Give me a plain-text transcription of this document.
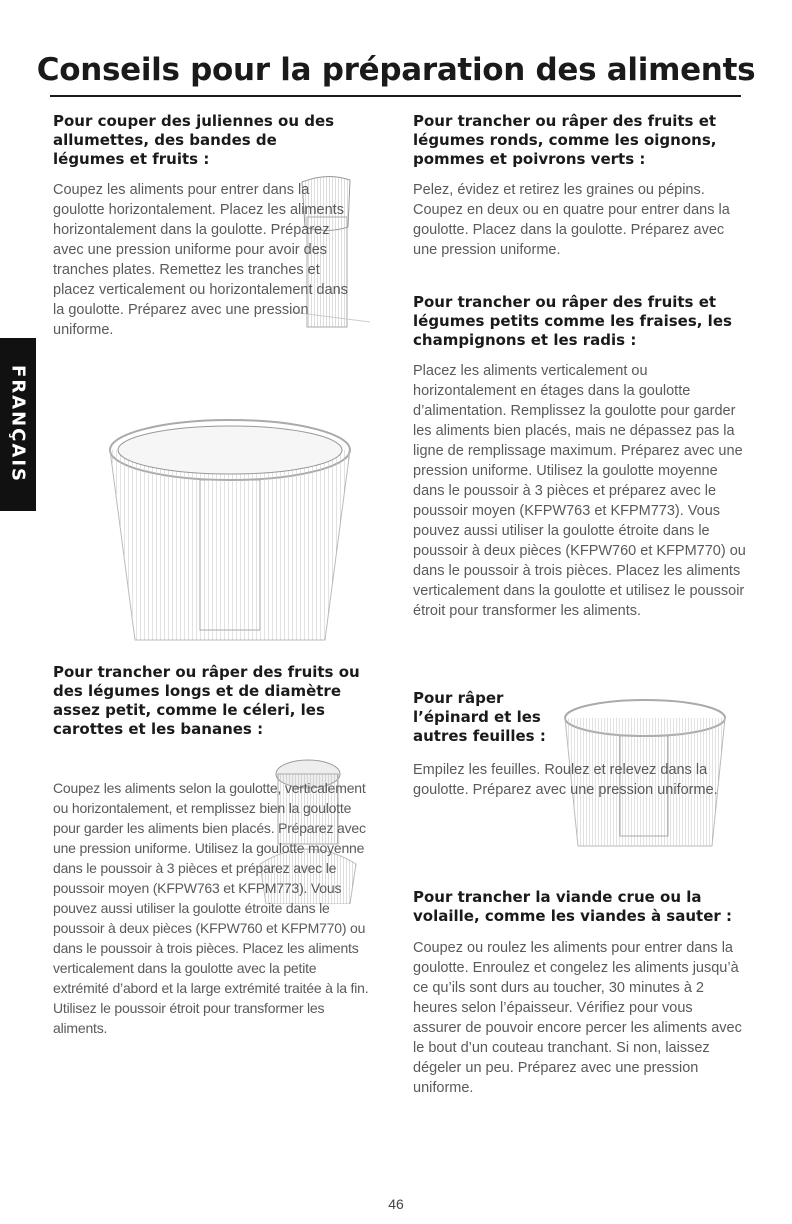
Conseils pour la préparation des aliments
FRANÇAIS
Pour couper des juliennes ou des allumettes, des bandes de légumes et fruits :

Coupez les aliments pour entrer dans la goulotte horizontalement. Placez les aliments horizontalement dans la goulotte. Préparez avec une pression uniforme pour avoir des tranches plates. Remettez les tranches et placez verticalement ou horizontalement dans la goulotte. Préparez avec une pression uniforme.

Pour trancher ou râper des fruits ou des légumes longs et de diamètre assez petit, comme le céleri, les carottes et les bananes :

Coupez les aliments selon la goulotte, verticalement ou horizontalement, et remplissez bien la goulotte pour garder les aliments bien placés. Préparez avec une pression uniforme. Utilisez la goulotte moyenne dans le poussoir à 3 pièces et préparez avec le poussoir moyen (KFPW763 et KFPM773). Vous pouvez aussi utiliser la goulotte étroite dans le poussoir à deux pièces (KFPW760 et KFPM770) ou dans le poussoir à trois pièces. Placez les aliments verticalement dans la goulotte avec la petite extrémité d’abord et la large extrémité traitée à la fin. Utilisez le poussoir étroit pour transformer les aliments.

Pour trancher ou râper des fruits et légumes ronds, comme les oignons, pommes et poivrons verts :

Pelez, évidez et retirez les graines ou pépins. Coupez en deux ou en quatre pour entrer dans la goulotte. Placez dans la goulotte. Préparez avec une pression uniforme.

Pour trancher ou râper des fruits et légumes petits comme les fraises, les champignons et les radis :

Placez les aliments verticalement ou horizontalement en étages dans la goulotte d’alimentation. Remplissez la goulotte pour garder les aliments bien placés, mais ne dépassez pas la ligne de remplissage maximum. Préparez avec une pression uniforme. Utilisez la goulotte moyenne dans le poussoir à 3 pièces et préparez avec le poussoir moyen (KFPW763 et KFPM773). Vous pouvez aussi utiliser la goulotte étroite dans le poussoir à deux pièces (KFPW760 et KFPM770) ou dans le poussoir à trois pièces. Placez les aliments verticalement dans la goulotte et utilisez le poussoir étroit pour transformer les aliments.

Pour râper l’épinard et les autres feuilles :

Empilez les feuilles. Roulez et relevez dans la goulotte. Préparez avec une pression uniforme.

Pour trancher la viande crue ou la volaille, comme les viandes à sauter :

Coupez ou roulez les aliments pour entrer dans la goulotte. Enroulez et congelez les aliments jusqu’à ce qu’ils sont durs au toucher, 30 minutes à 2 heures selon l’épaisseur. Vérifiez pour vous assurer de pouvoir encore percer les aliments avec le bout d’un couteau tranchant. Si non, laissez dégeler un peu. Préparez avec une pression uniforme.

46
